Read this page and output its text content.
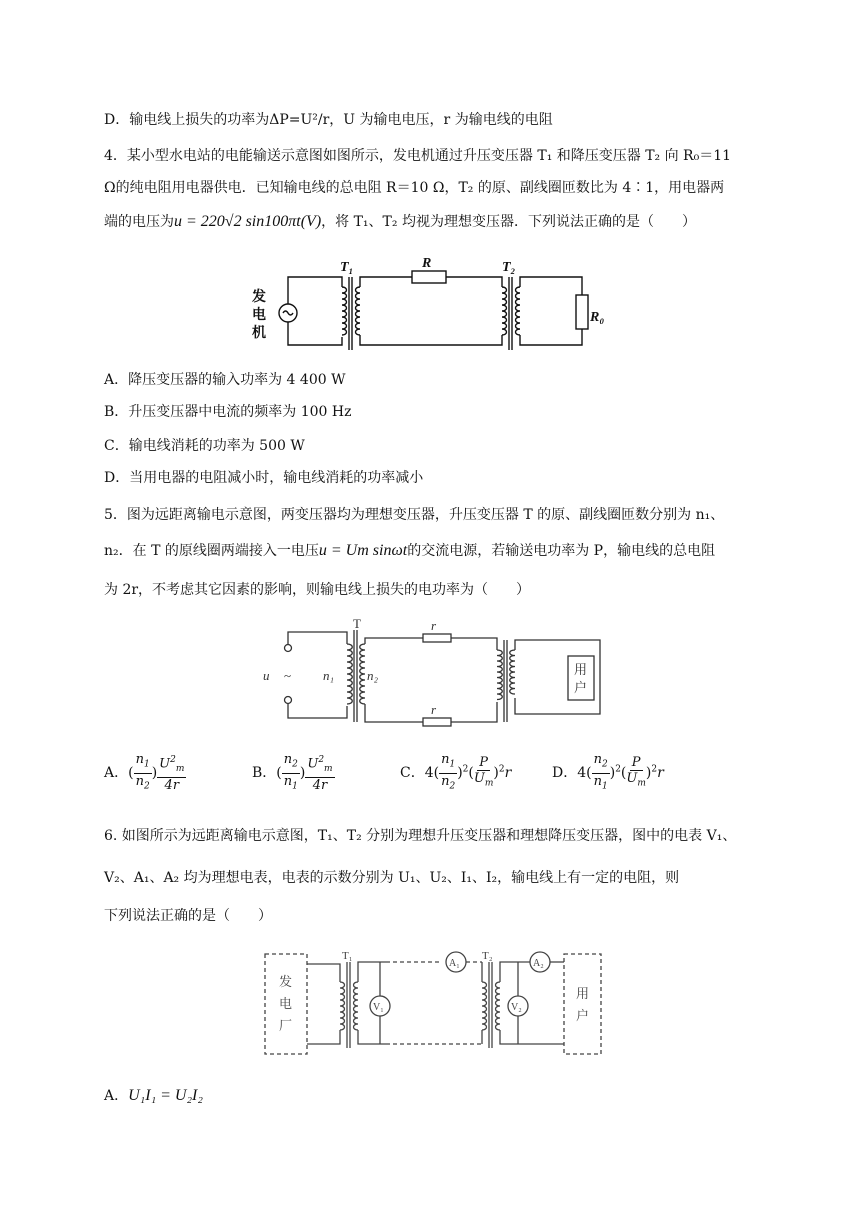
D．输电线上损失的功率为ΔP=U²/r，U 为输电电压，r 为输电线的电阻
4．某小型水电站的电能输送示意图如图所示，发电机通过升压变压器 T₁ 和降压变压器 T₂ 向 R₀＝11
Ω的纯电阻用电器供电．已知输电线的总电阻 R＝10 Ω，T₂ 的原、副线圈匝数比为 4∶1，用电器两
端的电压为u = 220√2 sin100πt(V)，将 T₁、T₂ 均视为理想变压器．下列说法正确的是（　　）
发
电
机
T₁	R	T₂
R₀
A．降压变压器的输入功率为 4 400 W
B．升压变压器中电流的频率为 100 Hz
C．输电线消耗的功率为 500 W
D．当用电器的电阻减小时，输电线消耗的功率减小
5．图为远距离输电示意图，两变压器均为理想变压器，升压变压器 T 的原、副线圈匝数分别为 n₁、
n₂．在 T 的原线圈两端接入一电压u = Um sinωt的交流电源，若输送电功率为 P，输电线的总电阻
为 2r，不考虑其它因素的影响，则输电线上损失的电功率为（　　）
u ~ n₁	n₂
T	r
r
用
户
A．( $\frac{n_1}{n_2}$ ) $\frac{U^2_m}{4r}$	B．( $\frac{n_2}{n_1}$ ) $\frac{U^2_m}{4r}$	C．$4( \frac{n_1}{n_2} )^2( \frac{P}{U_m} )^2r$	D．$4( \frac{n_2}{n_1} )^2( \frac{P}{U_m} )^2r$
6. 如图所示为远距离输电示意图，T₁、T₂ 分别为理想升压变压器和理想降压变压器，图中的电表 V₁、
V₂、A₁、A₂ 均为理想电表，电表的示数分别为 U₁、U₂、I₁、I₂，输电线上有一定的电阻，则
下列说法正确的是（　　）
发
电
厂
用
户
T₁	T₂
V₁	V₂
A₁	A₂
A．U₁I₁ = U₂I₂
